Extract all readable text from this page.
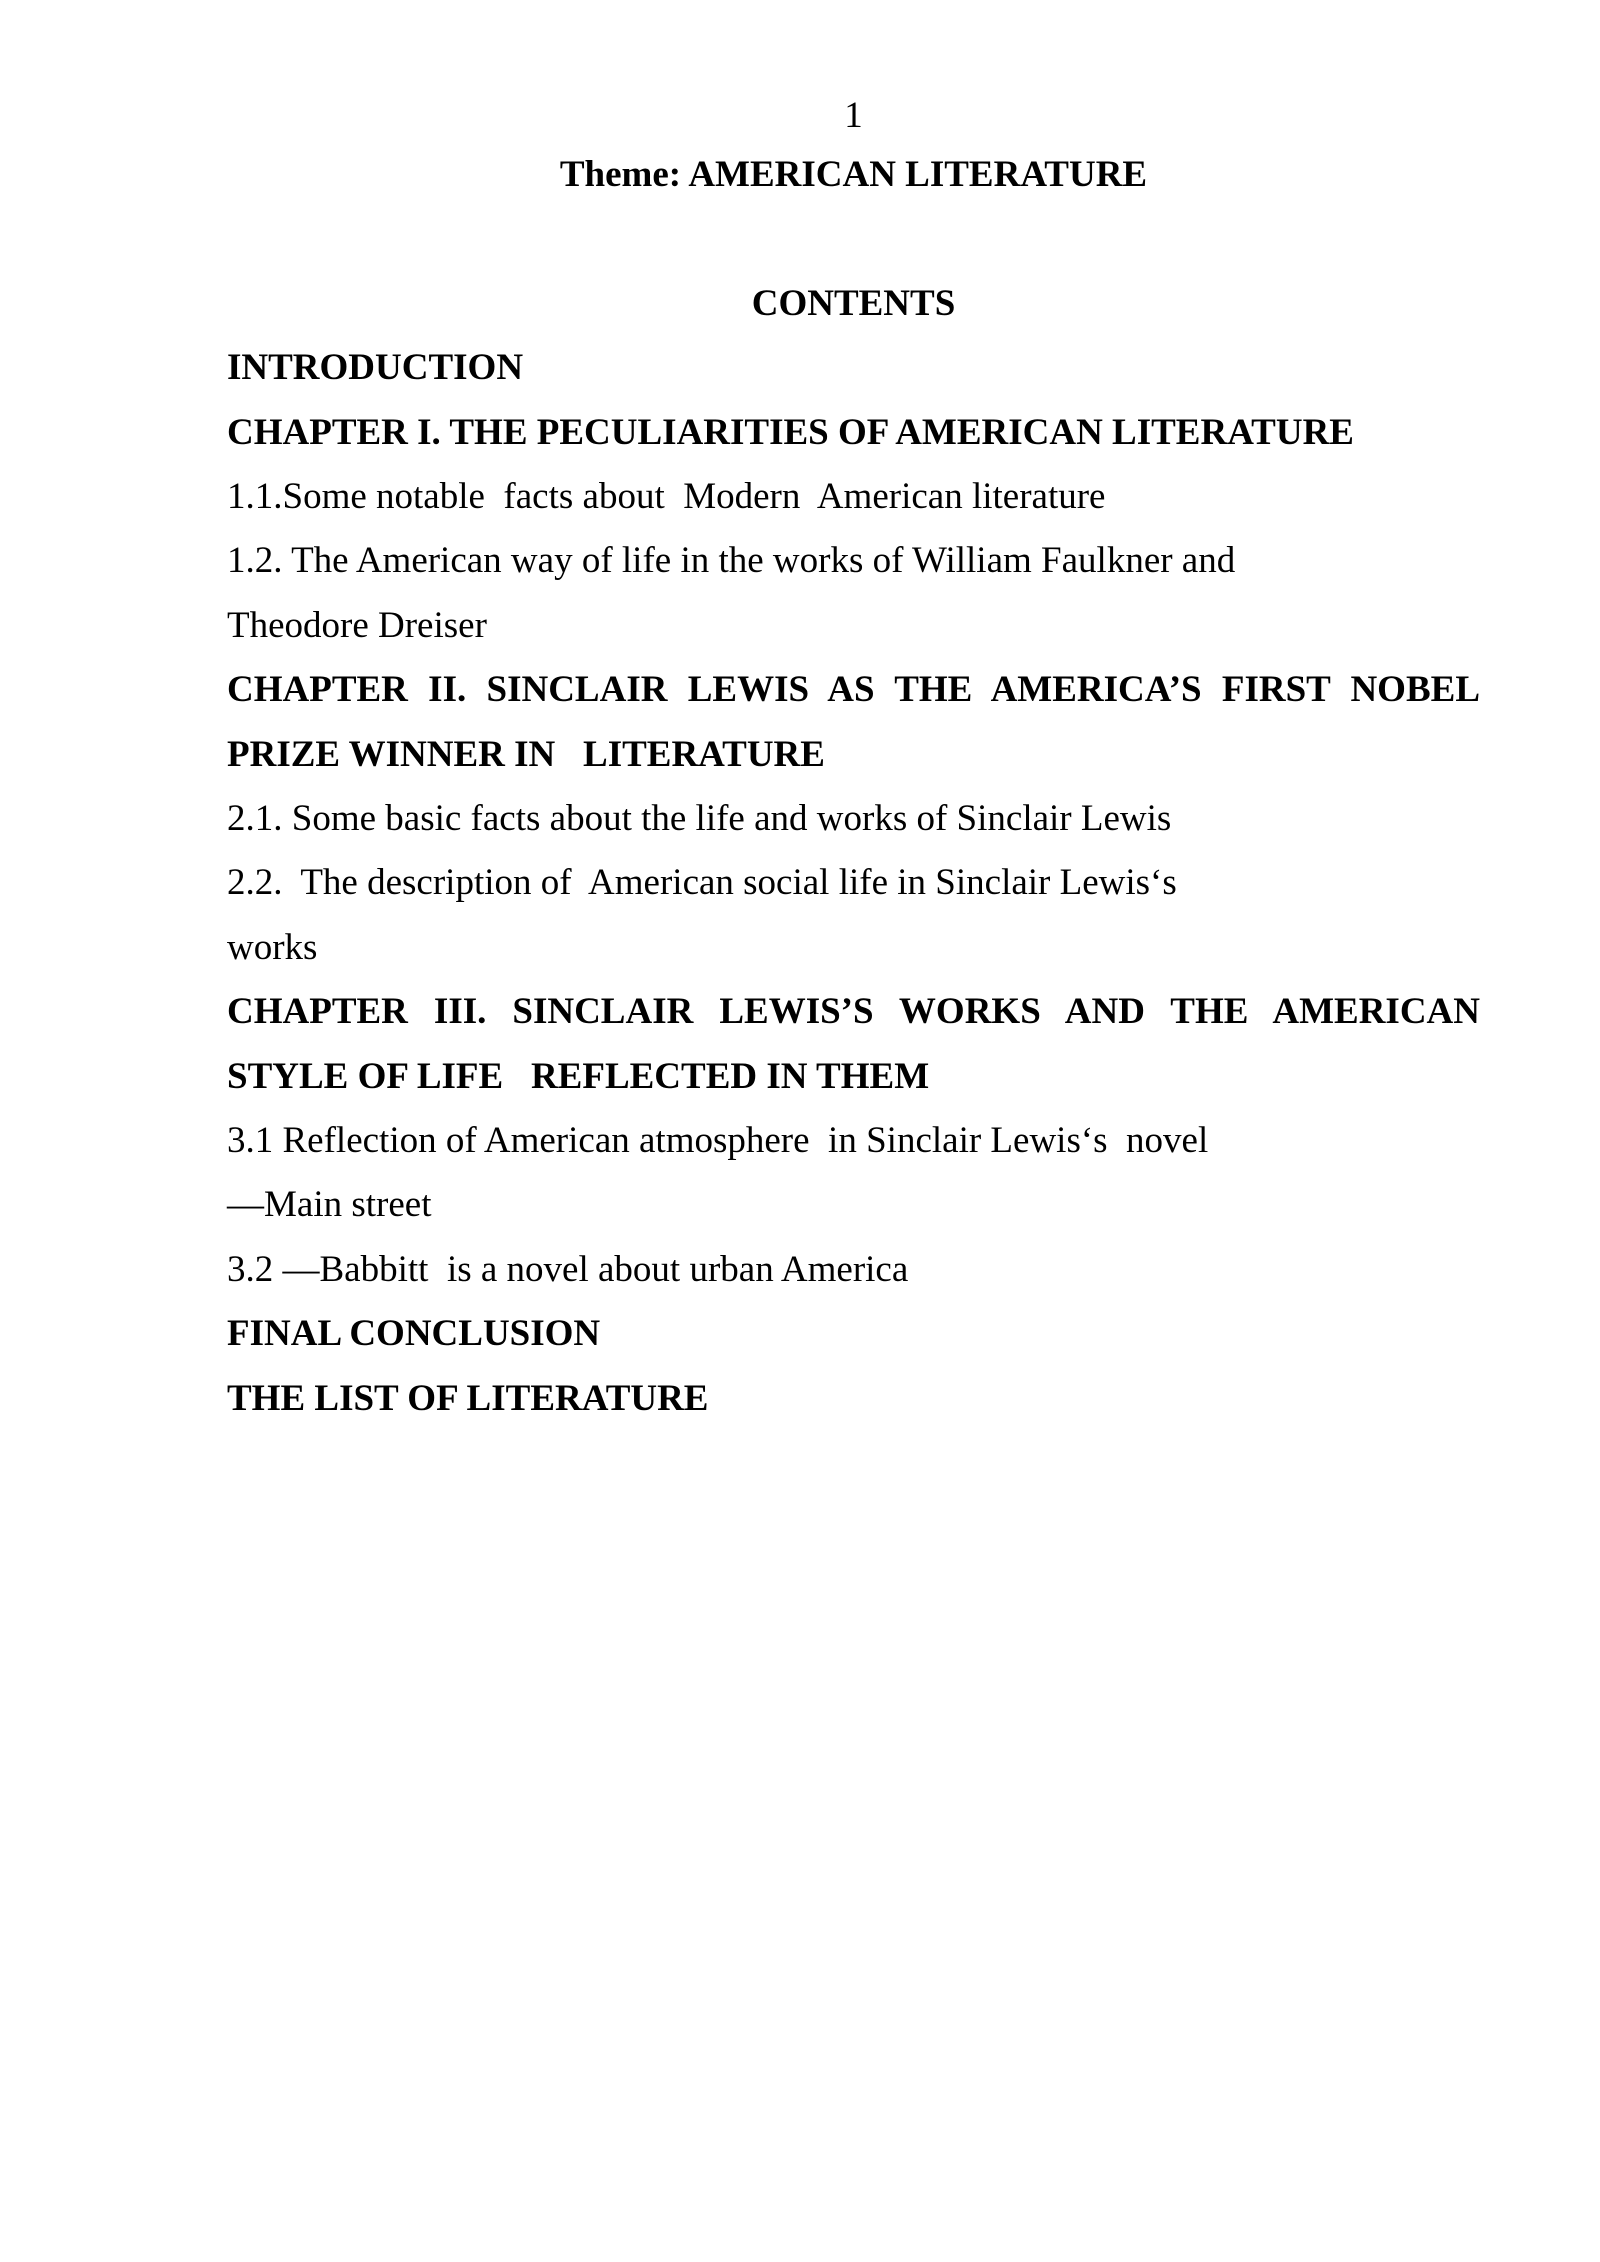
1
Theme: AMERICAN LITERATURE
CONTENTS
INTRODUCTION
CHAPTER I. THE PECULIARITIES OF AMERICAN LITERATURE
1.1.Some notable  facts about  Modern  American literature
1.2. The American way of life in the works of William Faulkner and
Theodore Dreiser
CHAPTER II. SINCLAIR LEWIS AS THE AMERICA’S FIRST NOBEL
PRIZE WINNER IN   LITERATURE
2.1. Some basic facts about the life and works of Sinclair Lewis
2.2.  The description of  American social life in Sinclair Lewis‘s
works
CHAPTER III. SINCLAIR LEWIS’S WORKS AND THE AMERICAN
STYLE OF LIFE   REFLECTED IN THEM
3.1 Reflection of American atmosphere  in Sinclair Lewis‘s  novel
—Main street
3.2 —Babbitt  is a novel about urban America
FINAL CONCLUSION
THE LIST OF LITERATURE
